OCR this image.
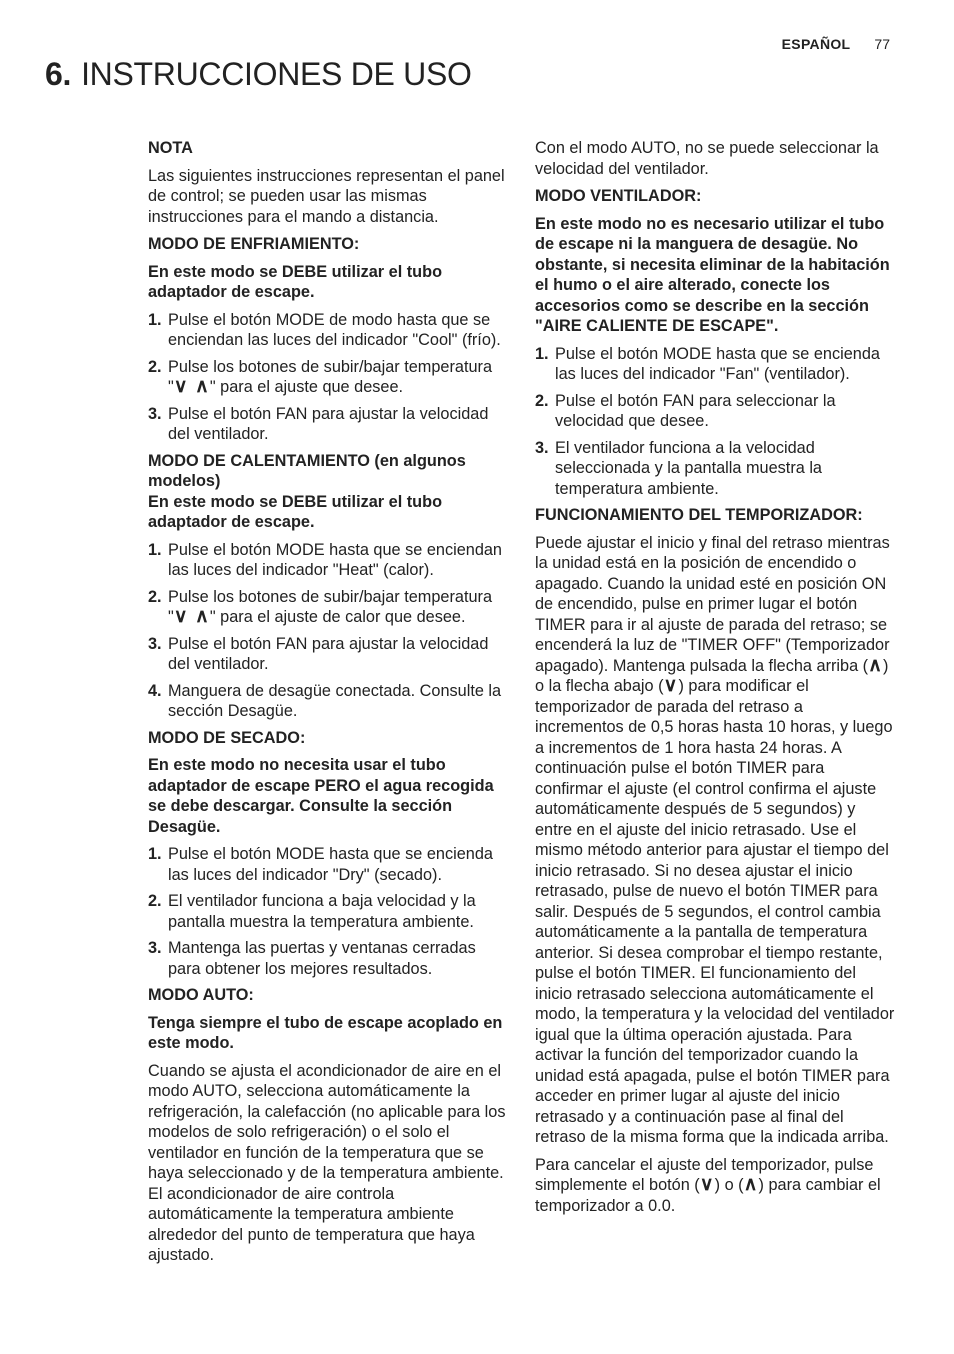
ESPAÑOL 77
6. INSTRUCCIONES DE USO

NOTA

Las siguientes instrucciones representan el panel de control; se pueden usar las mismas instrucciones para el mando a distancia.

MODO DE ENFRIAMIENTO:

En este modo se DEBE utilizar el tubo adaptador de escape.

1. Pulse el botón MODE de modo hasta que se enciendan las luces del indicador "Cool" (frío).
2. Pulse los botones de subir/bajar temperatura "∨ ∧" para el ajuste que desee.
3. Pulse el botón FAN para ajustar la velocidad del ventilador.

MODO DE CALENTAMIENTO (en algunos modelos)

En este modo se DEBE utilizar el tubo adaptador de escape.

1. Pulse el botón MODE hasta que se enciendan las luces del indicador "Heat" (calor).
2. Pulse los botones de subir/bajar temperatura "∨ ∧" para el ajuste de calor que desee.
3. Pulse el botón FAN para ajustar la velocidad del ventilador.
4. Manguera de desagüe conectada. Consulte la sección Desagüe.

MODO DE SECADO:

En este modo no necesita usar el tubo adaptador de escape PERO el agua recogida se debe descargar. Consulte la sección Desagüe.

1. Pulse el botón MODE hasta que se encienda las luces del indicador "Dry" (secado).
2. El ventilador funciona a baja velocidad y la pantalla muestra la temperatura ambiente.
3. Mantenga las puertas y ventanas cerradas para obtener los mejores resultados.

MODO AUTO:

Tenga siempre el tubo de escape acoplado en este modo.

Cuando se ajusta el acondicionador de aire en el modo AUTO, selecciona automáticamente la refrigeración, la calefacción (no aplicable para los modelos de solo refrigeración) o el solo el ventilador en función de la temperatura que se haya seleccionado y de la temperatura ambiente. El acondicionador de aire controla automáticamente la temperatura ambiente alrededor del punto de temperatura que haya ajustado.

Con el modo AUTO, no se puede seleccionar la velocidad del ventilador.

MODO VENTILADOR:

En este modo no es necesario utilizar el tubo de escape ni la manguera de desagüe. No obstante, si necesita eliminar de la habitación el humo o el aire alterado, conecte los accesorios como se describe en la sección "AIRE CALIENTE DE ESCAPE".

1. Pulse el botón MODE hasta que se encienda las luces del indicador "Fan" (ventilador).
2. Pulse el botón FAN para seleccionar la velocidad que desee.
3. El ventilador funciona a la velocidad seleccionada y la pantalla muestra la temperatura ambiente.

FUNCIONAMIENTO DEL TEMPORIZADOR:

Puede ajustar el inicio y final del retraso mientras la unidad está en la posición de encendido o apagado. Cuando la unidad esté en posición ON de encendido, pulse en primer lugar el botón TIMER para ir al ajuste de parada del retraso; se encenderá la luz de "TIMER OFF" (Temporizador apagado). Mantenga pulsada la flecha arriba (∧) o la flecha abajo (∨) para modificar el temporizador de parada del retraso a incrementos de 0,5 horas hasta 10 horas, y luego a incrementos de 1 hora hasta 24 horas. A continuación pulse el botón TIMER para confirmar el ajuste (el control confirma el ajuste automáticamente después de 5 segundos) y entre en el ajuste del inicio retrasado. Use el mismo método anterior para ajustar el tiempo del inicio retrasado. Si no desea ajustar el inicio retrasado, pulse de nuevo el botón TIMER para salir. Después de 5 segundos, el control cambia automáticamente a la pantalla de temperatura anterior. Si desea comprobar el tiempo restante, pulse el botón TIMER. El funcionamiento del inicio retrasado selecciona automáticamente el modo, la temperatura y la velocidad del ventilador igual que la última operación ajustada. Para activar la función del temporizador cuando la unidad está apagada, pulse el botón TIMER para acceder en primer lugar al ajuste del inicio retrasado y a continuación pase al final del retraso de la misma forma que la indicada arriba.

Para cancelar el ajuste del temporizador, pulse simplemente el botón (∨) o (∧) para cambiar el temporizador a 0.0.
